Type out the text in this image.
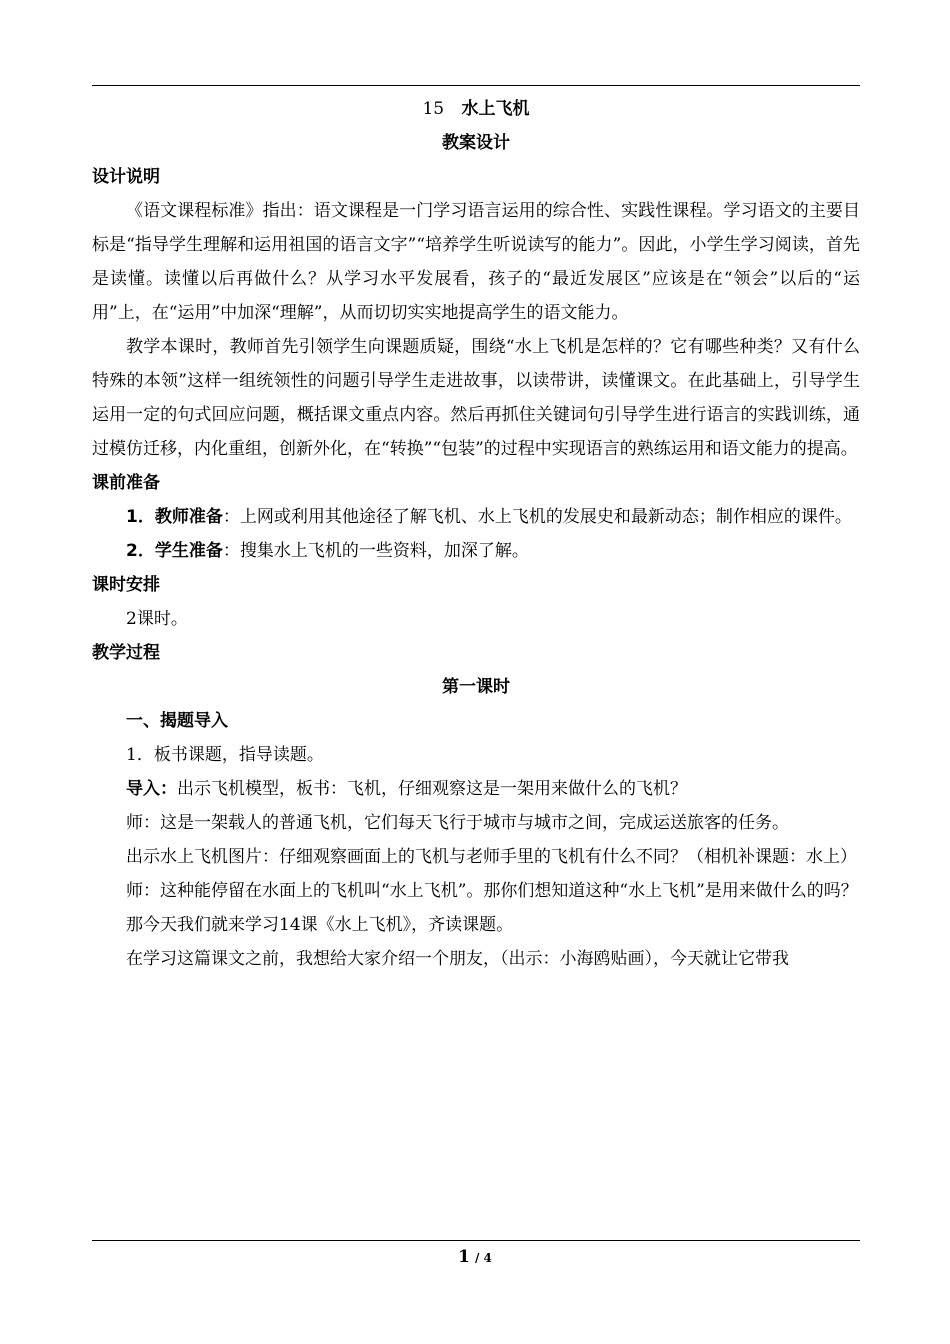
15 水上飞机
教案设计
设计说明

《语文课程标准》指出：语文课程是一门学习语言运用的综合性、实践性课程。学习语文的主要目标是“指导学生理解和运用祖国的语言文字”“培养学生听说读写的能力”。因此，小学生学习阅读，首先是读懂。读懂以后再做什么？从学习水平发展看，孩子的“最近发展区”应该是在“领会”以后的“运用”上，在“运用”中加深“理解”，从而切切实实地提高学生的语文能力。

教学本课时，教师首先引领学生向课题质疑，围绕“水上飞机是怎样的？它有哪些种类？又有什么特殊的本领”这样一组统领性的问题引导学生走进故事，以读带讲，读懂课文。在此基础上，引导学生运用一定的句式回应问题，概括课文重点内容。然后再抓住关键词句引导学生进行语言的实践训练，通过模仿迁移，内化重组，创新外化，在“转换”“包装”的过程中实现语言的熟练运用和语文能力的提高。

课前准备

1．教师准备：上网或利用其他途径了解飞机、水上飞机的发展史和最新动态；制作相应的课件。

2．学生准备：搜集水上飞机的一些资料，加深了解。

课时安排

2课时。

教学过程
第一课时
一、揭题导入

1．板书课题，指导读题。

导入：出示飞机模型，板书：飞机，仔细观察这是一架用来做什么的飞机？

师：这是一架载人的普通飞机，它们每天飞行于城市与城市之间，完成运送旅客的任务。

出示水上飞机图片：仔细观察画面上的飞机与老师手里的飞机有什么不同？（相机补课题：水上）

师：这种能停留在水面上的飞机叫“水上飞机”。那你们想知道这种“水上飞机”是用来做什么的吗？

那今天我们就来学习14课《水上飞机》，齐读课题。

在学习这篇课文之前，我想给大家介绍一个朋友，（出示：小海鸥贴画），今天就让它带我

1 / 4
